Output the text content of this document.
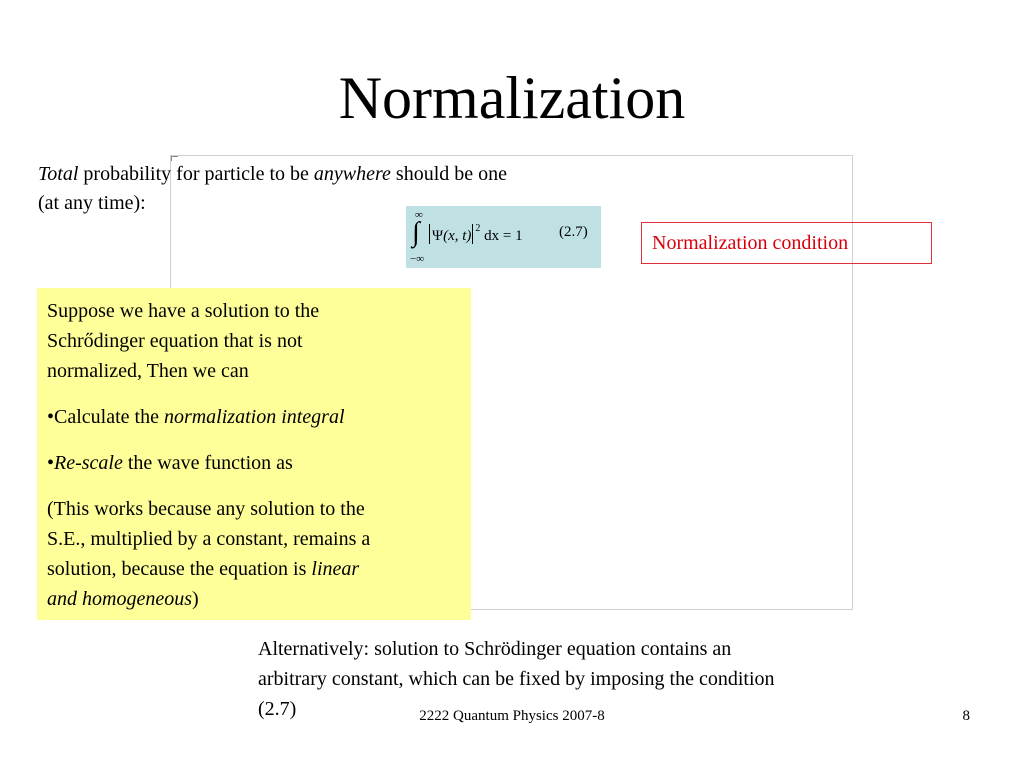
Normalization
Total probability for particle to be anywhere should be one
(at any time):
∞
∫
−∞
Ψ(x, t) $^2$ dx = 1 (2.7)	Normalization condition

Suppose we have a solution to the
Schrődinger equation that is not
normalized, Then we can

•Calculate the normalization integral

•Re-scale the wave function as

(This works because any solution to the
S.E., multiplied by a constant, remains a
solution, because the equation is linear
and homogeneous)

Alternatively: solution to Schrödinger equation contains an
arbitrary constant, which can be fixed by imposing the condition
(2.7)	2222 Quantum Physics 2007-8	8
